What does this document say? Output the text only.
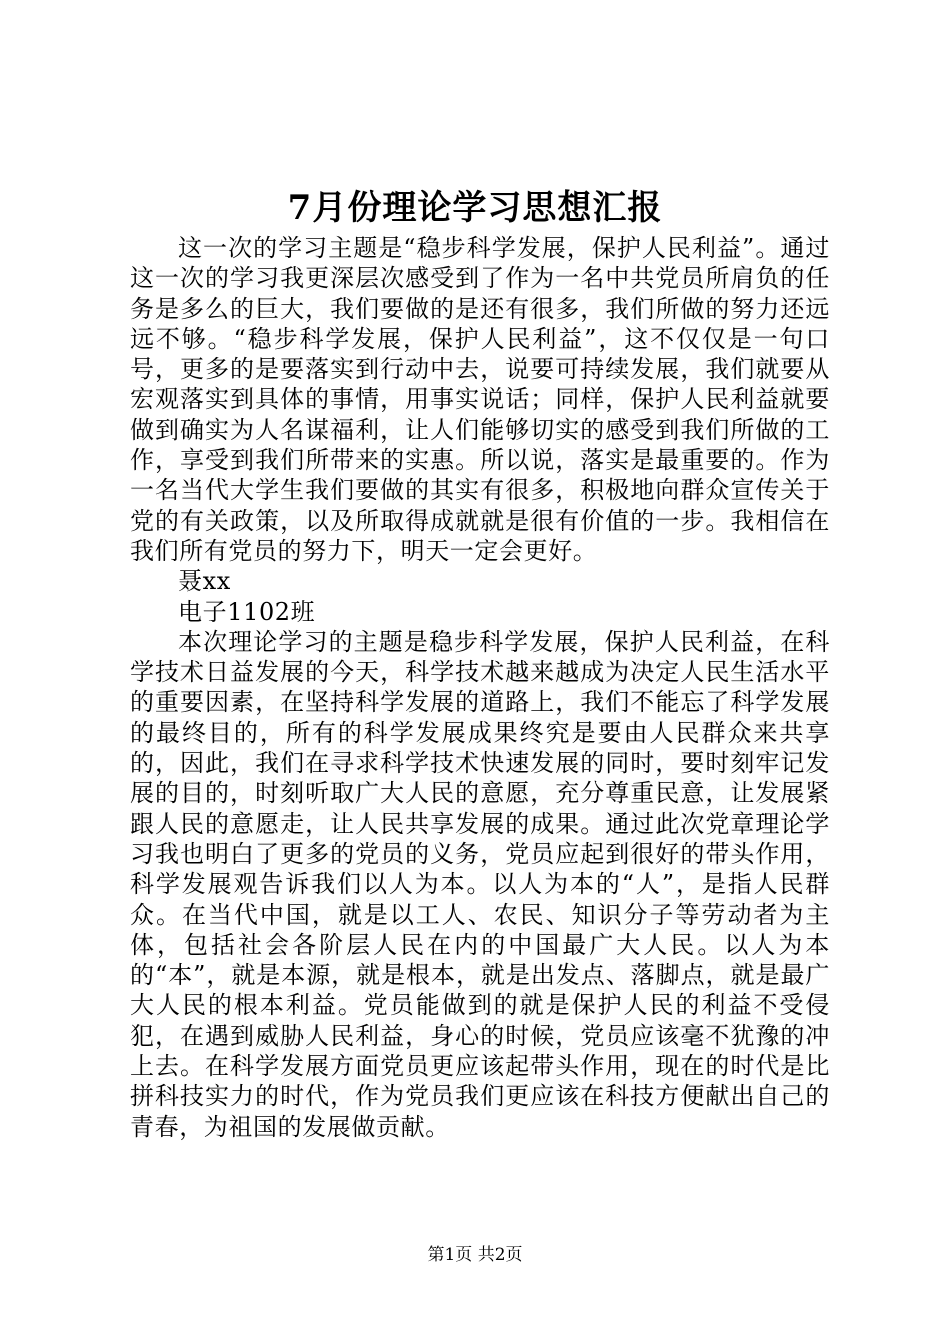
7月份理论学习思想汇报

这一次的学习主题是“稳步科学发展，保护人民利益”。通过这一次的学习我更深层次感受到了作为一名中共党员所肩负的任务是多么的巨大，我们要做的是还有很多，我们所做的努力还远远不够。“稳步科学发展，保护人民利益”，这不仅仅是一句口号，更多的是要落实到行动中去，说要可持续发展，我们就要从宏观落实到具体的事情，用事实说话；同样，保护人民利益就要做到确实为人名谋福利，让人们能够切实的感受到我们所做的工作，享受到我们所带来的实惠。所以说，落实是最重要的。作为一名当代大学生我们要做的其实有很多，积极地向群众宣传关于党的有关政策，以及所取得成就就是很有价值的一步。我相信在我们所有党员的努力下，明天一定会更好。

聂xx

电子1102班

本次理论学习的主题是稳步科学发展，保护人民利益，在科学技术日益发展的今天，科学技术越来越成为决定人民生活水平的重要因素，在坚持科学发展的道路上，我们不能忘了科学发展的最终目的，所有的科学发展成果终究是要由人民群众来共享的，因此，我们在寻求科学技术快速发展的同时，要时刻牢记发展的目的，时刻听取广大人民的意愿，充分尊重民意，让发展紧跟人民的意愿走，让人民共享发展的成果。通过此次党章理论学习我也明白了更多的党员的义务，党员应起到很好的带头作用，科学发展观告诉我们以人为本。以人为本的“人”，是指人民群众。在当代中国，就是以工人、农民、知识分子等劳动者为主体，包括社会各阶层人民在内的中国最广大人民。以人为本的“本”，就是本源，就是根本，就是出发点、落脚点，就是最广大人民的根本利益。党员能做到的就是保护人民的利益不受侵犯，在遇到威胁人民利益，身心的时候，党员应该毫不犹豫的冲上去。在科学发展方面党员更应该起带头作用，现在的时代是比拼科技实力的时代，作为党员我们更应该在科技方便献出自己的青春，为祖国的发展做贡献。

第1页 共2页
